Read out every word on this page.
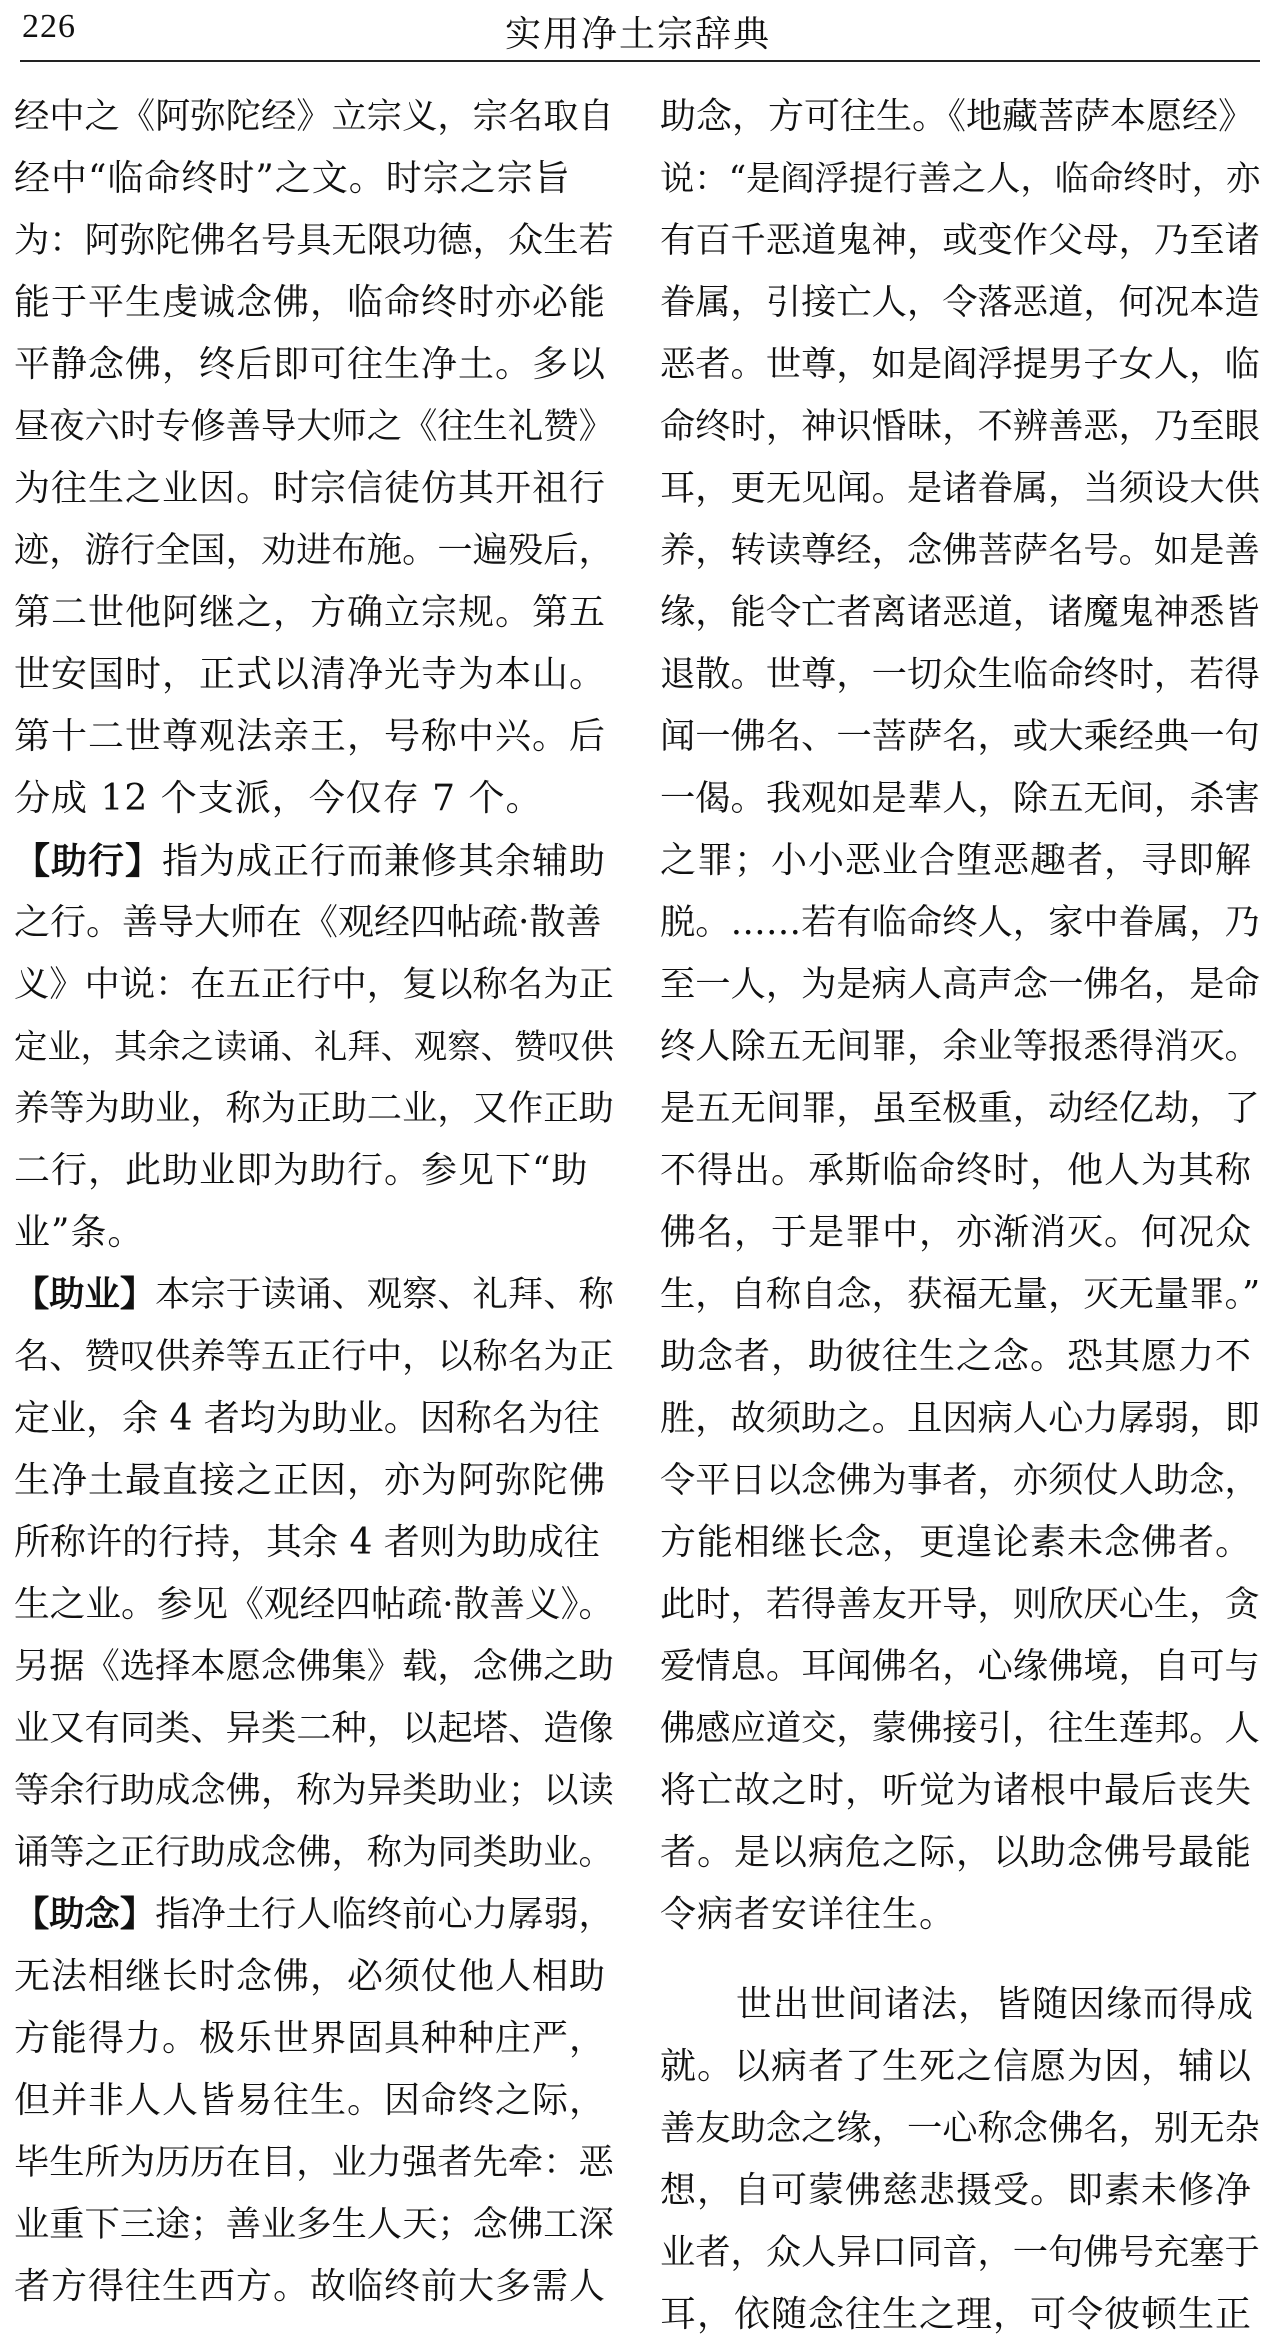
226	实用净土宗辞典
经中之《阿弥陀经》立宗义，宗名取自
经中“临命终时”之文。时宗之宗旨
为：阿弥陀佛名号具无限功德，众生若
能于平生虔诚念佛，临命终时亦必能
平静念佛，终后即可往生净土。多以
昼夜六时专修善导大师之《往生礼赞》
为往生之业因。时宗信徒仿其开祖行
迹，游行全国，劝进布施。一遍殁后，
第二世他阿继之，方确立宗规。第五
世安国时，正式以清净光寺为本山。
第十二世尊观法亲王，号称中兴。后
分成 12 个支派，今仅存 7 个。
【助行】指为成正行而兼修其余辅助
之行。善导大师在《观经四帖疏·散善
义》中说：在五正行中，复以称名为正
定业，其余之读诵、礼拜、观察、赞叹供
养等为助业，称为正助二业，又作正助
二行，此助业即为助行。参见下“助
业”条。
【助业】本宗于读诵、观察、礼拜、称
名、赞叹供养等五正行中，以称名为正
定业，余 4 者均为助业。因称名为往
生净土最直接之正因，亦为阿弥陀佛
所称许的行持，其余 4 者则为助成往
生之业。参见《观经四帖疏·散善义》。
另据《选择本愿念佛集》载，念佛之助
业又有同类、异类二种，以起塔、造像
等余行助成念佛，称为异类助业；以读
诵等之正行助成念佛，称为同类助业。
【助念】指净土行人临终前心力孱弱，
无法相继长时念佛，必须仗他人相助
方能得力。极乐世界固具种种庄严，
但并非人人皆易往生。因命终之际，
毕生所为历历在目，业力强者先牵：恶
业重下三途；善业多生人天；念佛工深
者方得往生西方。故临终前大多需人
助念，方可往生。《地藏菩萨本愿经》
说：“是阎浮提行善之人，临命终时，亦
有百千恶道鬼神，或变作父母，乃至诸
眷属，引接亡人，令落恶道，何况本造
恶者。世尊，如是阎浮提男子女人，临
命终时，神识惛昧，不辨善恶，乃至眼
耳，更无见闻。是诸眷属，当须设大供
养，转读尊经，念佛菩萨名号。如是善
缘，能令亡者离诸恶道，诸魔鬼神悉皆
退散。世尊，一切众生临命终时，若得
闻一佛名、一菩萨名，或大乘经典一句
一偈。我观如是辈人，除五无间，杀害
之罪；小小恶业合堕恶趣者，寻即解
脱。……若有临命终人，家中眷属，乃
至一人，为是病人高声念一佛名，是命
终人除五无间罪，余业等报悉得消灭。
是五无间罪，虽至极重，动经亿劫，了
不得出。承斯临命终时，他人为其称
佛名，于是罪中，亦渐消灭。何况众
生，自称自念，获福无量，灭无量罪。”
助念者，助彼往生之念。恐其愿力不
胜，故须助之。且因病人心力孱弱，即
令平日以念佛为事者，亦须仗人助念，
方能相继长念，更遑论素未念佛者。
此时，若得善友开导，则欣厌心生，贪
爱情息。耳闻佛名，心缘佛境，自可与
佛感应道交，蒙佛接引，往生莲邦。人
将亡故之时，听觉为诸根中最后丧失
者。是以病危之际，以助念佛号最能
令病者安详往生。
世出世间诸法，皆随因缘而得成
就。以病者了生死之信愿为因，辅以
善友助念之缘，一心称念佛名，别无杂
想，自可蒙佛慈悲摄受。即素未修净
业者，众人异口同音，一句佛号充塞于
耳，依随念往生之理，可令彼顿生正
